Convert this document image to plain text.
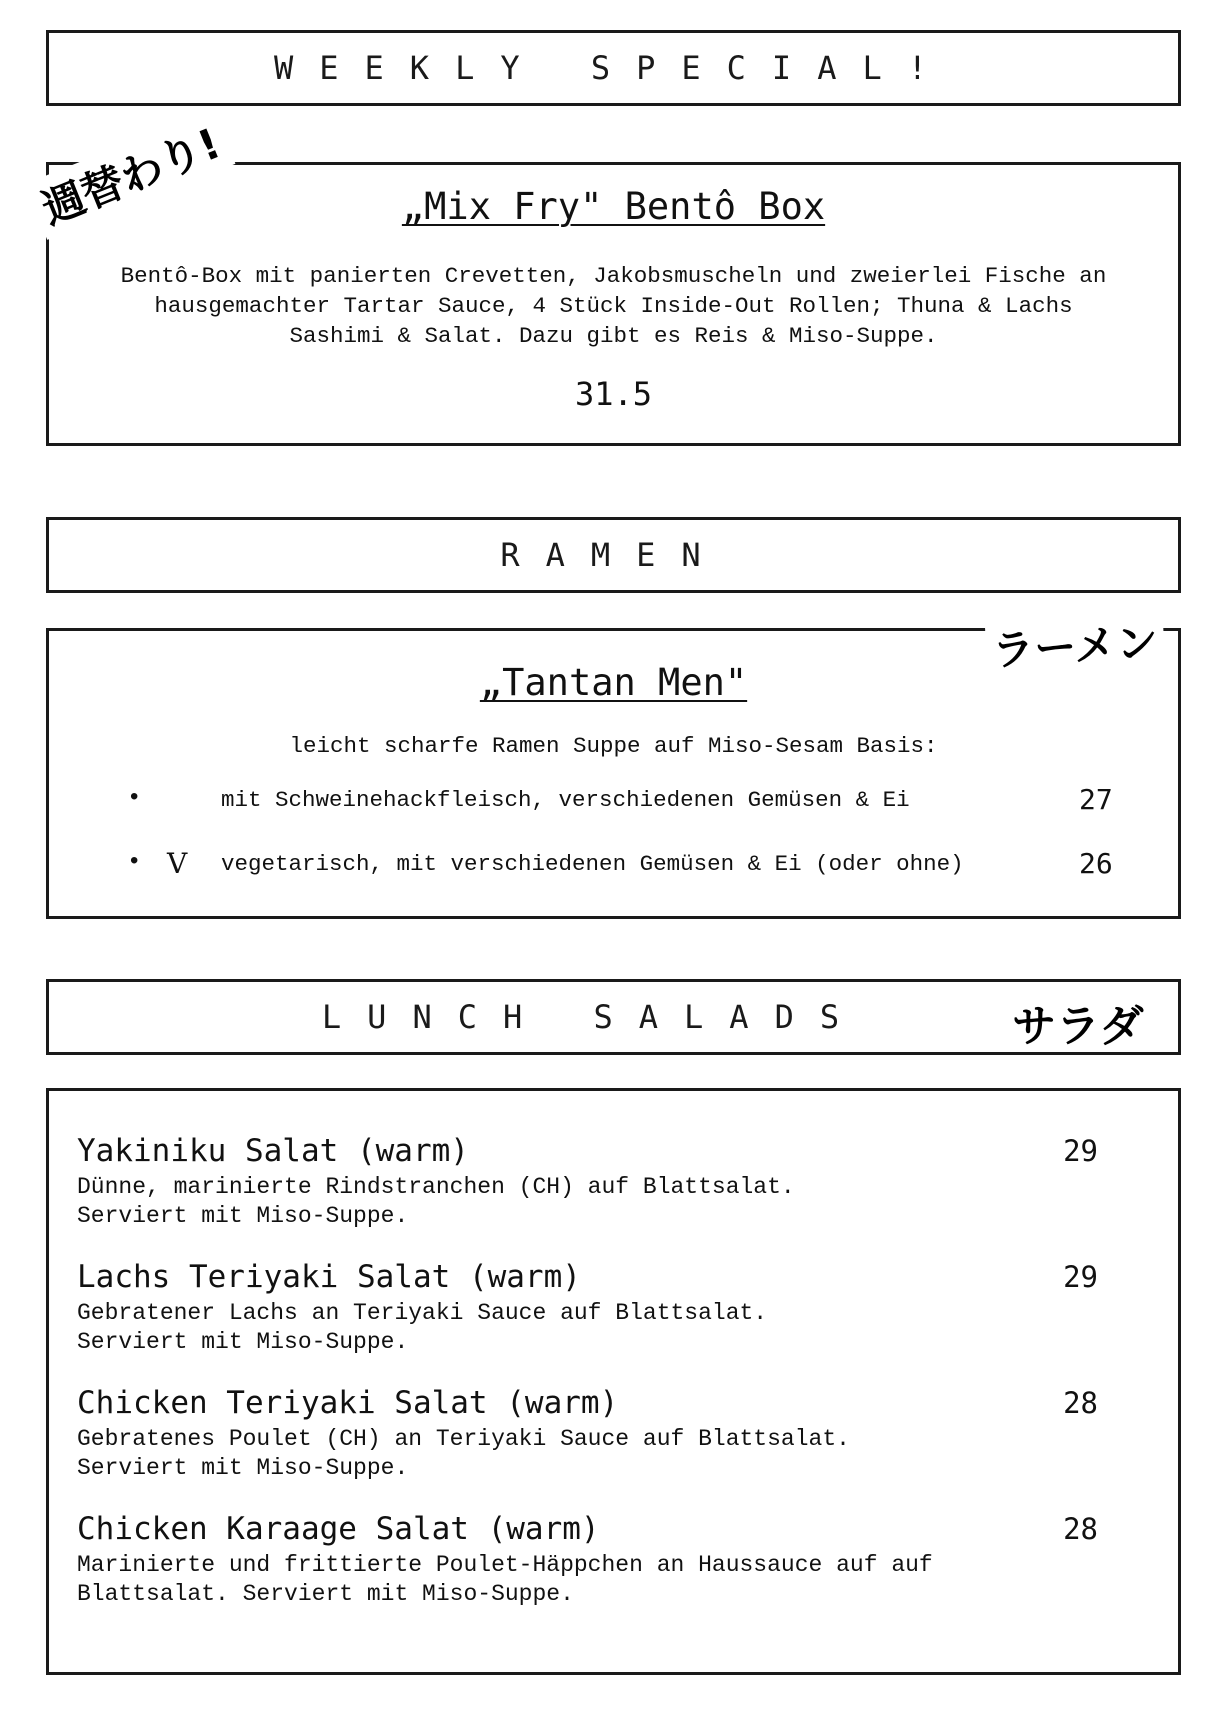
WEEKLY SPECIAL!
„Mix Fry" Bentô Box
Bentô-Box mit panierten Crevetten, Jakobsmuscheln und zweierlei Fische an
hausgemachter Tartar Sauce, 4 Stück Inside-Out Rollen; Thuna & Lachs
Sashimi & Salat. Dazu gibt es Reis & Miso-Suppe.
31.5
週替わり!
RAMEN
„Tantan Men"
leicht scharfe Ramen Suppe auf Miso-Sesam Basis:
•	mit Schweinehackfleisch, verschiedenen Gemüsen & Ei	27
• V vegetarisch, mit verschiedenen Gemüsen & Ei (oder ohne)	26
ラーメン
LUNCH SALADS	サラダ
Yakiniku Salat (warm)	29
Dünne, marinierte Rindstranchen (CH) auf Blattsalat.
Serviert mit Miso-Suppe.
Lachs Teriyaki Salat (warm)	29
Gebratener Lachs an Teriyaki Sauce auf Blattsalat.
Serviert mit Miso-Suppe.
Chicken Teriyaki Salat (warm)	28
Gebratenes Poulet (CH) an Teriyaki Sauce auf Blattsalat.
Serviert mit Miso-Suppe.
Chicken Karaage Salat (warm)	28
Marinierte und frittierte Poulet-Häppchen an Haussauce auf auf
Blattsalat. Serviert mit Miso-Suppe.
